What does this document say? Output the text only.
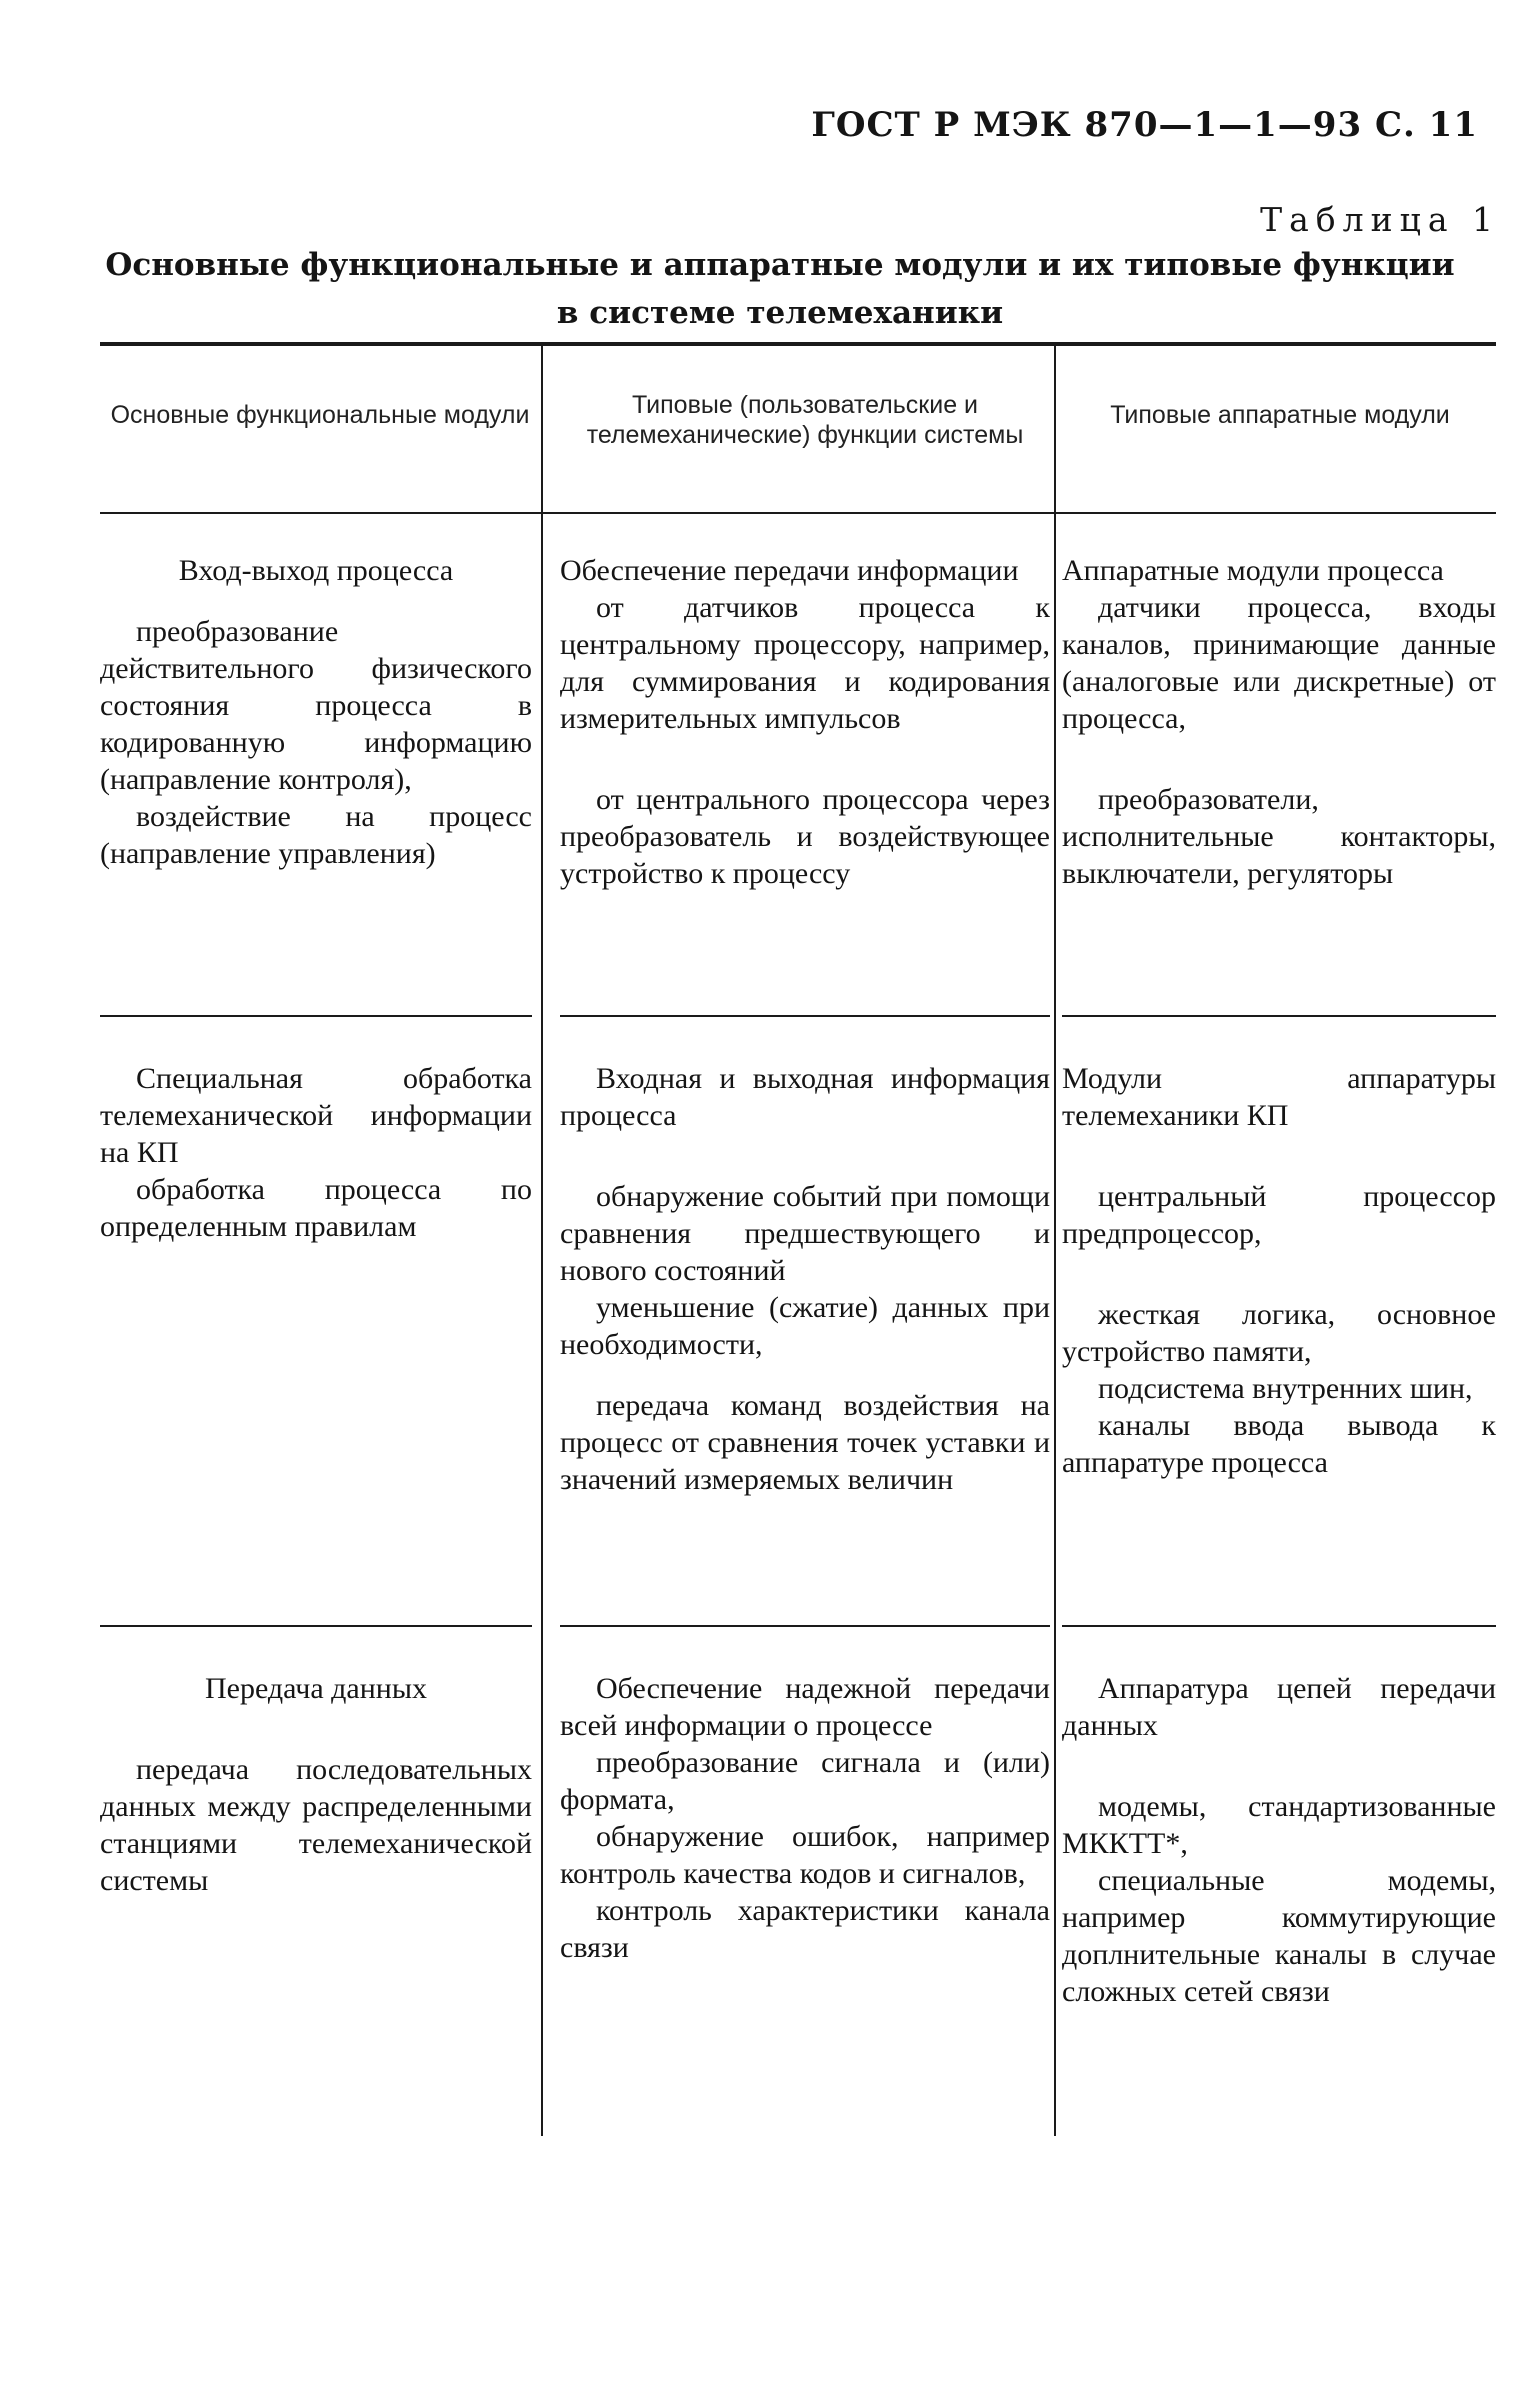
ГОСТ Р МЭК 870—1—1—93 С. 11
Таблица 1
Основные функциональные и аппаратные модули и их типовые функции
в системе телемеханики
Основные функциональные модули	Типовые (пользовательские и телемеханические) функции системы
Типовые аппаратные модули

Вход-выход процесса

преобразование действительного физического состояния процесса в кодированную информацию (направление контроля),

воздействие на процесс (направление управления)

Обеспечение передачи информации

от датчиков процесса к центральному процессору, например, для суммирования и кодирования измерительных импульсов

от центрального процессора через преобразователь и воздействующее устройство к процессу

Аппаратные модули процесса

датчики процесса, входы каналов, принимающие данные (аналоговые или дискретные) от процесса,

преобразователи, исполнительные контакторы, выключатели, регуляторы

Специальная обработка телемеханической информации на КП

обработка процесса по определенным правилам

Входная и выходная информация процесса

обнаружение событий при помощи сравнения предшествующего и нового состояний

уменьшение (сжатие) данных при необходимости,

передача команд воздействия на процесс от сравнения точек уставки и значений измеряемых величин

Модули аппаратуры телемеханики КП

центральный процессор предпроцессор,

жесткая логика, основное устройство памяти,

подсистема внутренних шин,

каналы ввода вывода к аппаратуре процесса

Передача данных

передача последовательных данных между распределенными станциями телемеханической системы

Обеспечение надежной передачи всей информации о процессе

преобразование сигнала и (или) формата,

обнаружение ошибок, например контроль качества кодов и сигналов,

контроль характеристики канала связи

Аппаратура цепей передачи данных

модемы, стандартизованные МККТТ*,

специальные модемы, например коммутирующие доплнительные каналы в случае сложных сетей связи
